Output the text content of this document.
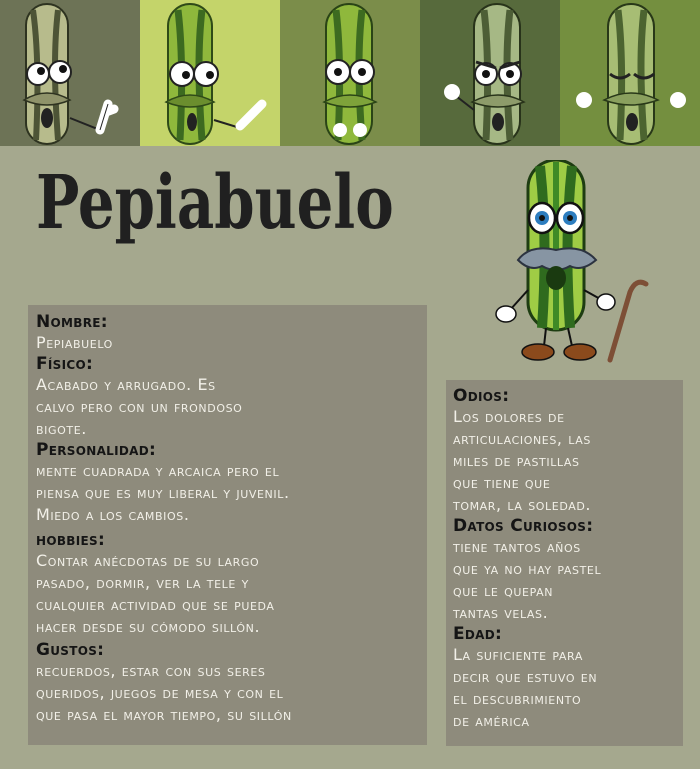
Pepiabuelo
Nombre:
Pepiabuelo
Físico:
Acabado y arrugado. Es
calvo pero con un frondoso
bigote.
Personalidad:
mente cuadrada y arcaica pero el
piensa que es muy liberal y juvenil.
Miedo a los cambios.
hobbies:
Contar anécdotas de su largo
pasado, dormir, ver la tele y
cualquier actividad que se pueda
hacer desde su cómodo sillón.
Gustos:
recuerdos, estar con sus seres
queridos, juegos de mesa y con el
que pasa el mayor tiempo, su sillón
Odios:
Los dolores de
articulaciones, las
miles de pastillas
que tiene que
tomar, la soledad.
Datos Curiosos:
tiene tantos años
que ya no hay pastel
que le quepan
tantas velas.
Edad:
La suficiente para
decir que estuvo en
el descubrimiento
de américa
